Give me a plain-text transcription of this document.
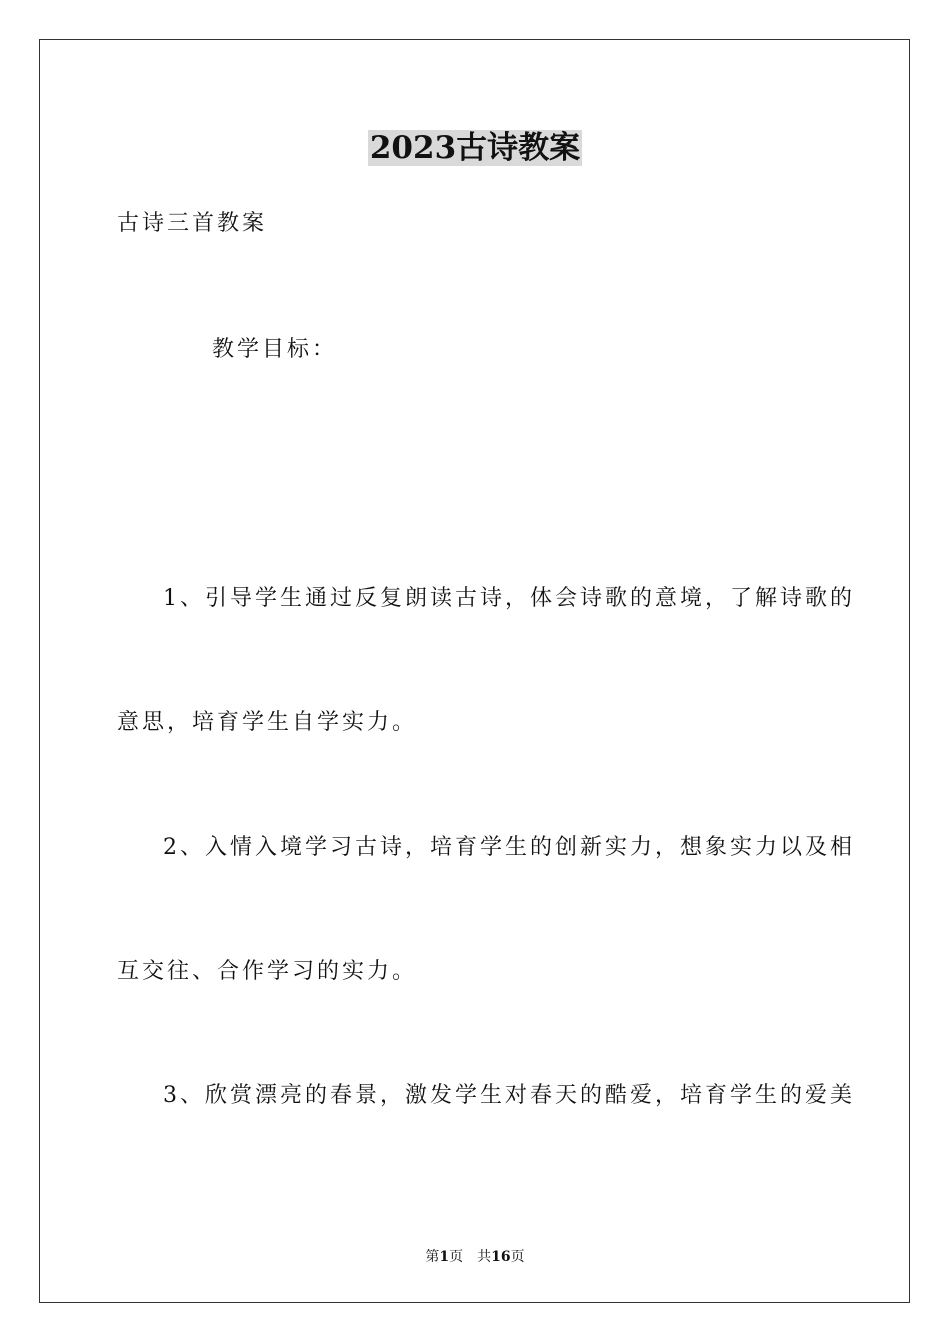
2023古诗教案
古诗三首教案
教学目标：
1、引导学生通过反复朗读古诗，体会诗歌的意境，了解诗歌的
意思，培育学生自学实力。
2、入情入境学习古诗，培育学生的创新实力，想象实力以及相
互交往、合作学习的实力。
3、欣赏漂亮的春景，激发学生对春天的酷爱，培育学生的爱美
第1页 共16页
